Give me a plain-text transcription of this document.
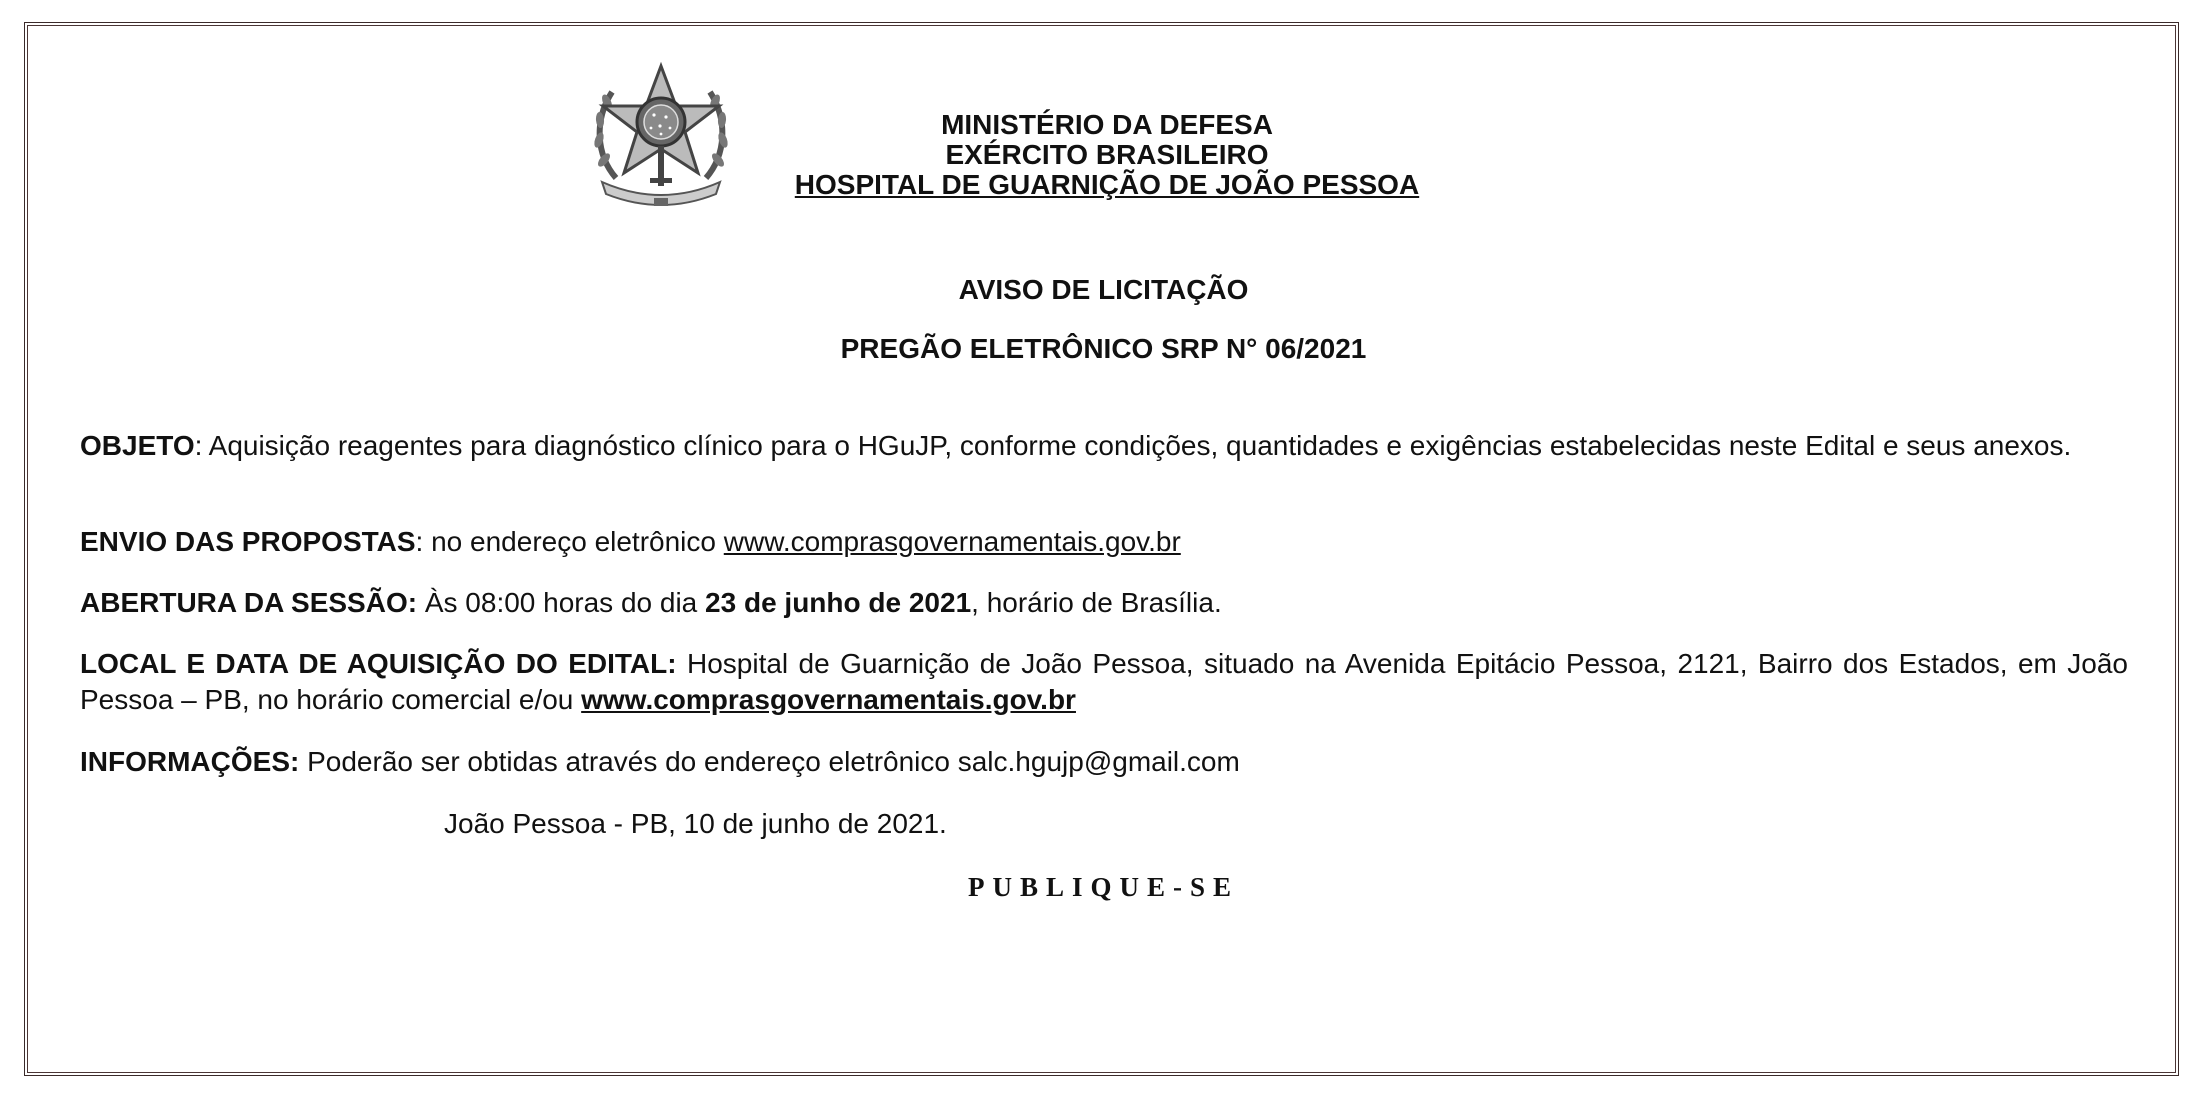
MINISTÉRIO DA DEFESA
EXÉRCITO BRASILEIRO
HOSPITAL DE GUARNIÇÃO DE JOÃO PESSOA
AVISO DE LICITAÇÃO
PREGÃO ELETRÔNICO SRP N° 06/2021
OBJETO: Aquisição reagentes para diagnóstico clínico para o HGuJP, conforme condições, quantidades e exigências estabelecidas neste Edital e seus anexos.
ENVIO DAS PROPOSTAS: no endereço eletrônico www.comprasgovernamentais.gov.br
ABERTURA DA SESSÃO: Às 08:00 horas do dia 23 de junho de 2021, horário de Brasília.
LOCAL E DATA DE AQUISIÇÃO DO EDITAL: Hospital de Guarnição de João Pessoa, situado na Avenida Epitácio Pessoa, 2121, Bairro dos Estados, em João Pessoa – PB, no horário comercial e/ou www.comprasgovernamentais.gov.br
INFORMAÇÕES: Poderão ser obtidas através do endereço eletrônico salc.hgujp@gmail.com
João Pessoa - PB, 10 de junho de 2021.
PUBLIQUE-SE
